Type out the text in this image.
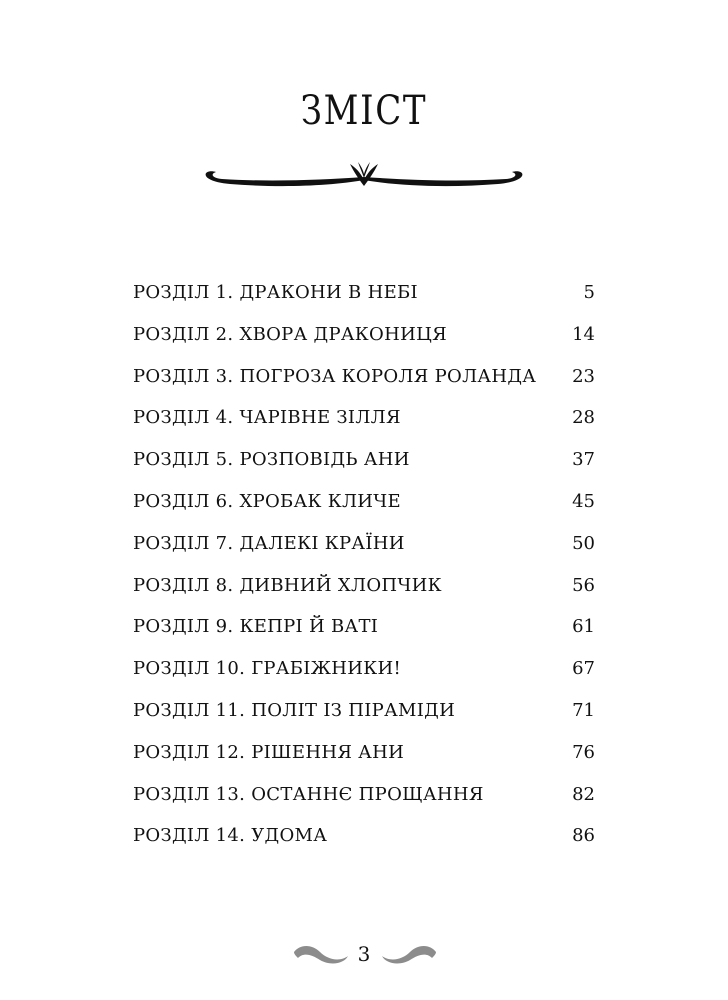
ЗМІСТ
РОЗДІЛ 1. ДРАКОНИ В НЕБІ	5
РОЗДІЛ 2. ХВОРА ДРАКОНИЦЯ	14
РОЗДІЛ 3. ПОГРОЗА КОРОЛЯ РОЛАНДА 23
РОЗДІЛ 4. ЧАРІВНЕ ЗІЛЛЯ	28
РОЗДІЛ 5. РОЗПОВІДЬ АНИ	37
РОЗДІЛ 6. ХРОБАК КЛИЧЕ	45
РОЗДІЛ 7. ДАЛЕКІ КРАЇНИ	50
РОЗДІЛ 8. ДИВНИЙ ХЛОПЧИК	56
РОЗДІЛ 9. КЕПРІ Й ВАТІ	61
РОЗДІЛ 10. ГРАБІЖНИКИ!	67
РОЗДІЛ 11. ПОЛІТ ІЗ ПІРАМІДИ	71
РОЗДІЛ 12. РІШЕННЯ АНИ	76
РОЗДІЛ 13. ОСТАННЄ ПРОЩАННЯ	82
РОЗДІЛ 14. УДОМА	86
3
